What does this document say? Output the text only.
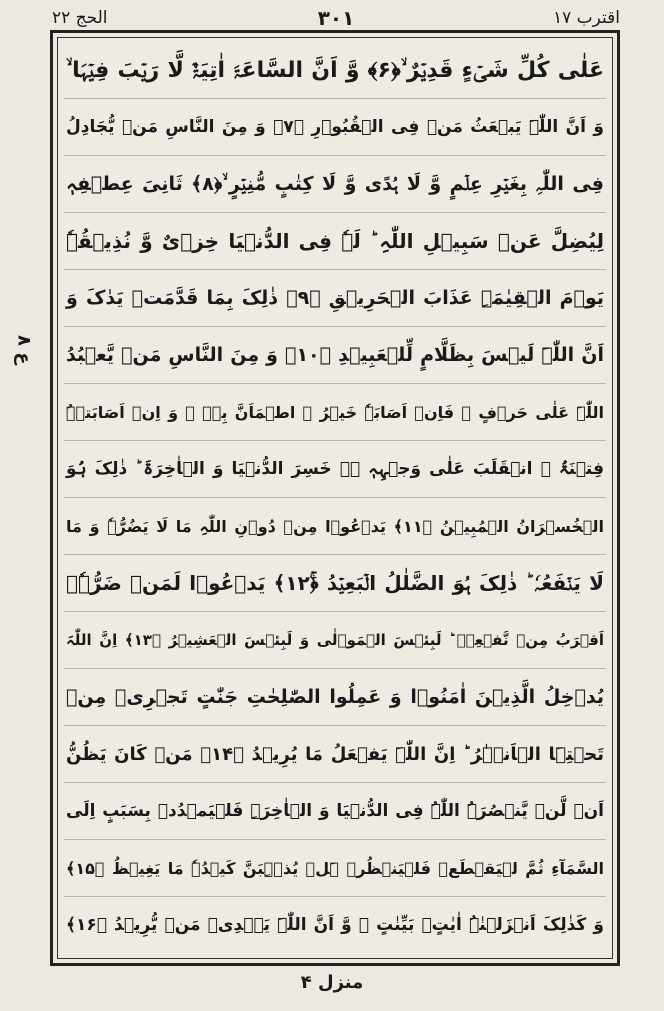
اقترب ١٧
٣٠١
الحج ٢٢
ع ٨
عَلٰی کُلِّ شَیۡءٍ قَدِیۡرٌ ۙ﴿۶﴾ وَّ اَنَّ السَّاعَۃَ اٰتِیَۃٌ لَّا رَیۡبَ فِیۡہَا ۙ
وَ اَنَّ اللّٰہَ یَبۡعَثُ مَنۡ فِی الۡقُبُوۡرِ ﴿۷﴾ وَ مِنَ النَّاسِ مَنۡ یُّجَادِلُ
فِی اللّٰہِ بِغَیۡرِ عِلۡمٍ وَّ لَا ہُدًی وَّ لَا کِتٰبٍ مُّنِیۡرٍ ۙ﴿۸﴾ ثَانِیَ عِطۡفِہٖ
لِیُضِلَّ عَنۡ سَبِیۡلِ اللّٰہِ ؕ لَہٗ فِی الدُّنۡیَا خِزۡیٌ وَّ نُذِیۡقُہٗ
یَوۡمَ الۡقِیٰمَۃِ عَذَابَ الۡحَرِیۡقِ ﴿۹﴾ ذٰلِکَ بِمَا قَدَّمَتۡ یَدٰکَ وَ
اَنَّ اللّٰہَ لَیۡسَ بِظَلَّامٍ لِّلۡعَبِیۡدِ ﴿۱۰﴾ وَ مِنَ النَّاسِ مَنۡ یَّعۡبُدُ
اللّٰہَ عَلٰی حَرۡفٍ ۚ فَاِنۡ اَصَابَہٗ خَیۡرُ ۣ اطۡمَاَنَّ بِہٖ ۚ وَ اِنۡ اَصَابَتۡہُ
فِتۡنَۃُ ۣ انۡقَلَبَ عَلٰی وَجۡہِہٖ ۟ۚ خَسِرَ الدُّنۡیَا وَ الۡاٰخِرَۃَ ؕ ذٰلِکَ ہُوَ
الۡخُسۡرَانُ الۡمُبِیۡنُ ﴿۱۱﴾ یَدۡعُوۡا مِنۡ دُوۡنِ اللّٰہِ مَا لَا یَضُرُّہٗ وَ مَا
لَا یَنۡفَعُہٗ ؕ ذٰلِکَ ہُوَ الضَّلٰلُ الۡبَعِیۡدُ ﴿ۚ۱۲﴾ یَدۡعُوۡا لَمَنۡ ضَرُّہٗۤ
اَقۡرَبُ مِنۡ نَّفۡعِہٖ ؕ لَبِئۡسَ الۡمَوۡلٰی وَ لَبِئۡسَ الۡعَشِیۡرُ ﴿۱۳﴾ اِنَّ اللّٰہَ
یُدۡخِلُ الَّذِیۡنَ اٰمَنُوۡا وَ عَمِلُوا الصّٰلِحٰتِ جَنّٰتٍ تَجۡرِیۡ مِنۡ
تَحۡتِہَا الۡاَنۡہٰرُ ؕ اِنَّ اللّٰہَ یَفۡعَلُ مَا یُرِیۡدُ ﴿۱۴﴾ مَنۡ کَانَ یَظُنُّ
اَنۡ لَّنۡ یَّنۡصُرَہُ اللّٰہُ فِی الدُّنۡیَا وَ الۡاٰخِرَۃِ فَلۡیَمۡدُدۡ بِسَبَبٍ اِلَی
السَّمَآءِ ثُمَّ لۡیَقۡطَعۡ فَلۡیَنۡظُرۡ ہَلۡ یُذۡہِبَنَّ کَیۡدُہٗ مَا یَغِیۡظُ ﴿۱۵﴾
وَ کَذٰلِکَ اَنۡزَلۡنٰہُ اٰیٰتٍۭ بَیِّنٰتٍ ۙ وَّ اَنَّ اللّٰہَ یَہۡدِیۡ مَنۡ یُّرِیۡدُ ﴿۱۶﴾
منزل ۴
